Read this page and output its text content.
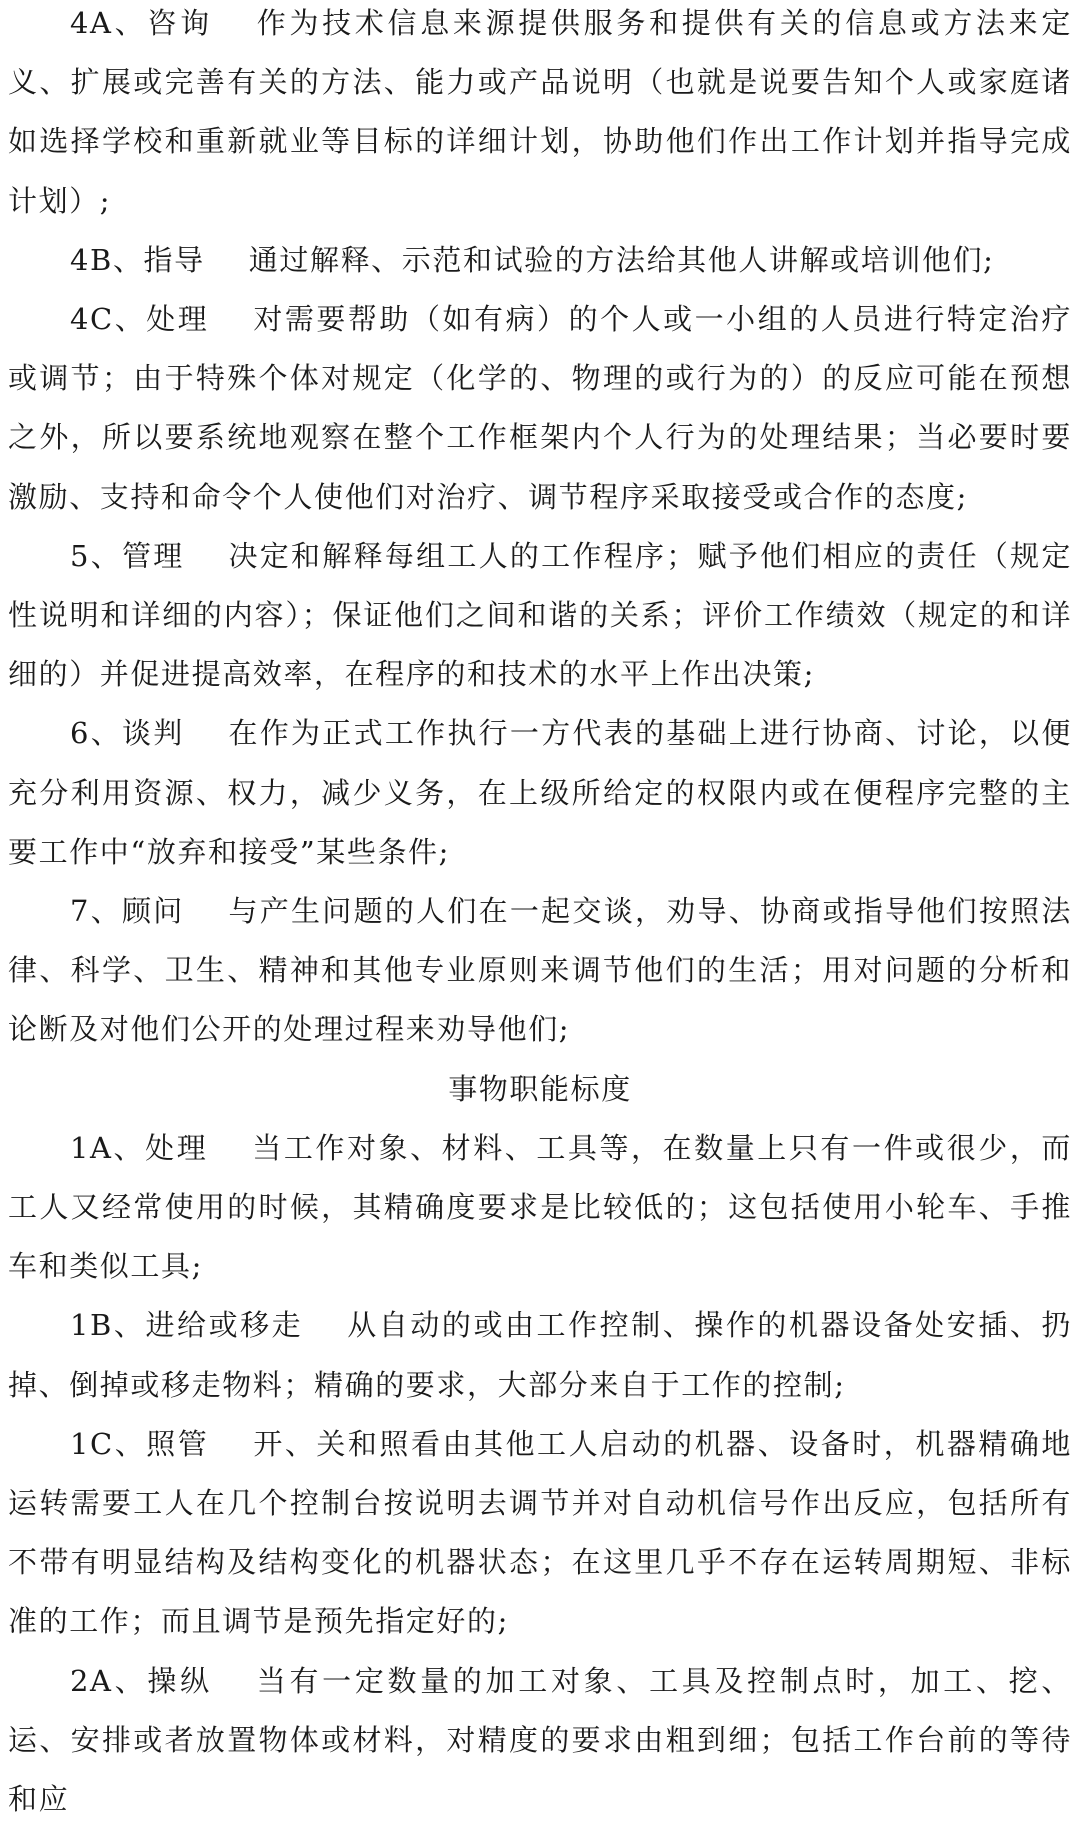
4A、咨询 作为技术信息来源提供服务和提供有关的信息或方法来定义、扩展或完善有关的方法、能力或产品说明（也就是说要告知个人或家庭诸如选择学校和重新就业等目标的详细计划，协助他们作出工作计划并指导完成计划）;

4B、指导 通过解释、示范和试验的方法给其他人讲解或培训他们;

4C、处理 对需要帮助（如有病）的个人或一小组的人员进行特定治疗或调节；由于特殊个体对规定（化学的、物理的或行为的）的反应可能在预想之外，所以要系统地观察在整个工作框架内个人行为的处理结果；当必要时要激励、支持和命令个人使他们对治疗、调节程序采取接受或合作的态度;

5、管理 决定和解释每组工人的工作程序；赋予他们相应的责任（规定性说明和详细的内容）；保证他们之间和谐的关系；评价工作绩效（规定的和详细的）并促进提高效率，在程序的和技术的水平上作出决策;

6、谈判 在作为正式工作执行一方代表的基础上进行协商、讨论，以便充分利用资源、权力，减少义务，在上级所给定的权限内或在便程序完整的主要工作中“放弃和接受”某些条件;

7、顾问 与产生问题的人们在一起交谈，劝导、协商或指导他们按照法律、科学、卫生、精神和其他专业原则来调节他们的生活；用对问题的分析和论断及对他们公开的处理过程来劝导他们;

事物职能标度

1A、处理 当工作对象、材料、工具等，在数量上只有一件或很少，而工人又经常使用的时候，其精确度要求是比较低的；这包括使用小轮车、手推车和类似工具;

1B、进给或移走 从自动的或由工作控制、操作的机器设备处安插、扔掉、倒掉或移走物料；精确的要求，大部分来自于工作的控制;

1C、照管 开、关和照看由其他工人启动的机器、设备时，机器精确地运转需要工人在几个控制台按说明去调节并对自动机信号作出反应，包括所有不带有明显结构及结构变化的机器状态；在这里几乎不存在运转周期短、非标准的工作；而且调节是预先指定好的;

2A、操纵 当有一定数量的加工对象、工具及控制点时，加工、挖、运、安排或者放置物体或材料，对精度的要求由粗到细；包括工作台前的等待和应
